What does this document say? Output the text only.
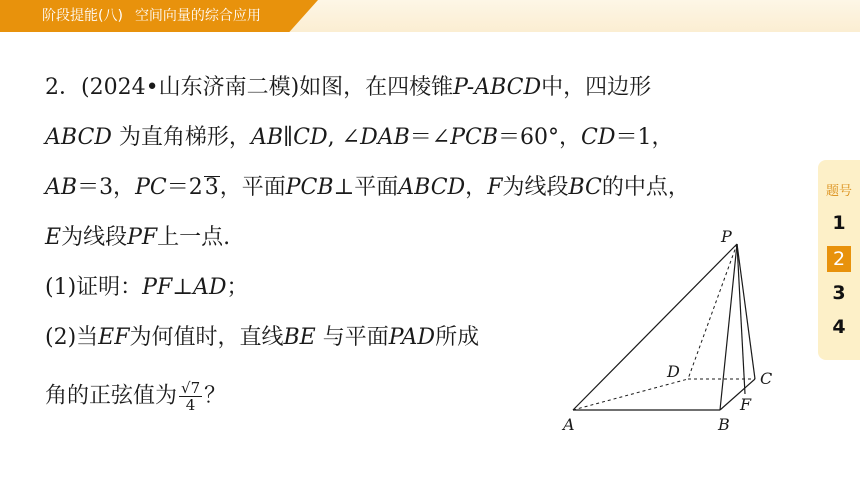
阶段提能(八) 空间向量的综合应用
2．(2024•山东济南二模)如图，在四棱锥P-ABCD中，四边形
ABCD 为直角梯形，AB∥CD, ∠DAB＝∠PCB＝60°，CD＝1，
AB＝3，PC＝23，平面PCB⊥平面ABCD，F为线段BC的中点，
E为线段PF上一点.
(1)证明：PF⊥AD；
(2)当EF为何值时，直线BE 与平面PAD所成
角的正弦值为 $\frac{√7}{4}$ ？
P
A	B
C
D
F
题号
1
2
3
4
